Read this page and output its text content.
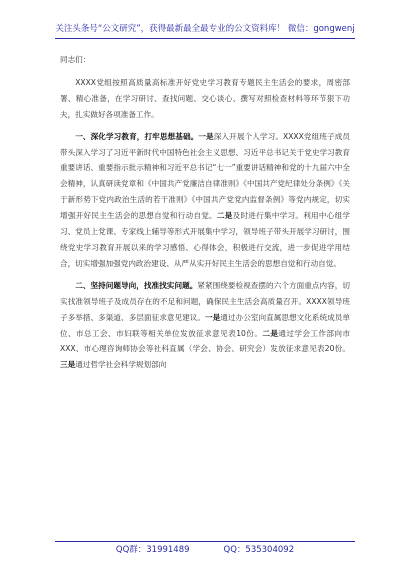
关注头条号“公文研究”，获得最新最全最专业的公文资料库！ 微信：gongwenj

同志们：

XXXX党组按照高质量高标准开好党史学习教育专题民主生活会的要求，周密部署、精心准备，在学习研讨、查找问题、交心谈心、撰写对照检查材料等环节狠下功夫，扎实做好各项准备工作。

一、深化学习教育，打牢思想基础。一是深入开展个人学习。XXXX党组班子成员带头深入学习了习近平新时代中国特色社会主义思想、习近平总书记关于党史学习教育重要讲话、重要指示批示精神和习近平总书记“七一”重要讲话精神和党的十九届六中全会精神，认真研读党章和《中国共产党廉洁自律准则》《中国共产党纪律处分条例》《关于新形势下党内政治生活的若干准则》《中国共产党党内监督条例》等党内规定，切实增强开好民主生活会的思想自觉和行动自觉。二是及时进行集中学习。利用中心组学习、党员上党课、专家线上辅导等形式开展集中学习，领导班子带头开展学习研讨，围绕党史学习教育开展以来的学习感悟、心得体会，积极进行交流，进一步促进学用结合，切实增强加强党内政治建设、从严从实开好民主生活会的思想自觉和行动自觉。

二、坚持问题导向，找准找实问题。紧紧围绕要检视查摆的六个方面重点内容，切实找准领导班子及成员存在的不足和问题，确保民主生活会高质量召开。XXXX领导班子多举措、多渠道、多层面征求意见建议。一是通过办公室向直属思想文化系统成员单位、市总工会、市妇联等相关单位发放征求意见表10份。二是通过学会工作部向市XXX、市心理咨询师协会等社科直属（学会、协会、研究会）发放征求意见表20份。三是通过哲学社会科学规划部向

QQ群：31991489	QQ：535304092
